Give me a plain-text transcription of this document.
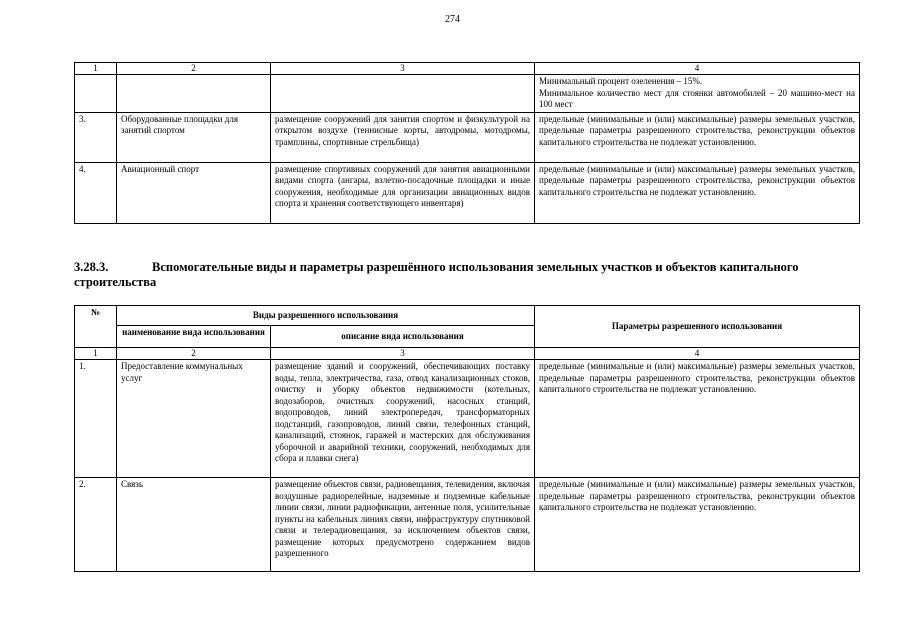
274
1	2	3	4
			Минимальный процент озеленения – 15%.
Минимальное количество мест для стоянки автомобилей – 20 машино-мест на 100 мест
3.	Оборудованные площадки для занятий спортом	размещение сооружений для занятия спортом и физкультурой на открытом воздухе (теннисные корты, автодромы, мотодромы, трамплины, спортивные стрельбища)	предельные (минимальные и (или) максимальные) размеры земельных участков, предельные параметры разрешенного строительства, реконструкции объектов капитального строительства не подлежат установлению.
4.	Авиационный спорт	размещение спортивных сооружений для занятия авиационными видами спорта (ангары, взлетно-посадочные площадки и иные сооружения, необходимые для организации авиационных видов спорта и хранения соответствующего инвентаря)	предельные (минимальные и (или) максимальные) размеры земельных участков, предельные параметры разрешенного строительства, реконструкции объектов капитального строительства не подлежат установлению.
3.28.3.	Вспомогательные виды и параметры разрешённого использования земельных участков и объектов капитального строительства
№	Виды разрешенного использования		Параметры разрешенного использования
	наименование вида использования	описание вида использования	
1	2	3	4
1.	Предоставление коммунальных услуг	размещение зданий и сооружений, обеспечивающих поставку воды, тепла, электричества, газа, отвод канализационных стоков, очистку и уборку объектов недвижимости (котельных, водозаборов, очистных сооружений, насосных станций, водопроводов, линий электропередач, трансформаторных подстанций, газопроводов, линий связи, телефонных станций, канализаций, стоянок, гаражей и мастерских для обслуживания уборочной и аварийной техники, сооружений, необходимых для сбора и плавки снега)	предельные (минимальные и (или) максимальные) размеры земельных участков, предельные параметры разрешенного строительства, реконструкции объектов капитального строительства не подлежат установлению.
2.	Связь	размещение объектов связи, радиовещания, телевидения, включая воздушные радиорелейные, надземные и подземные кабельные линии связи, линии радиофикации, антенные поля, усилительные пункты на кабельных линиях связи, инфраструктуру спутниковой связи и телерадиовещания, за исключением объектов связи, размещение которых предусмотрено содержанием видов разрешенного	предельные (минимальные и (или) максимальные) размеры земельных участков, предельные параметры разрешенного строительства, реконструкции объектов капитального строительства не подлежат установлению.
